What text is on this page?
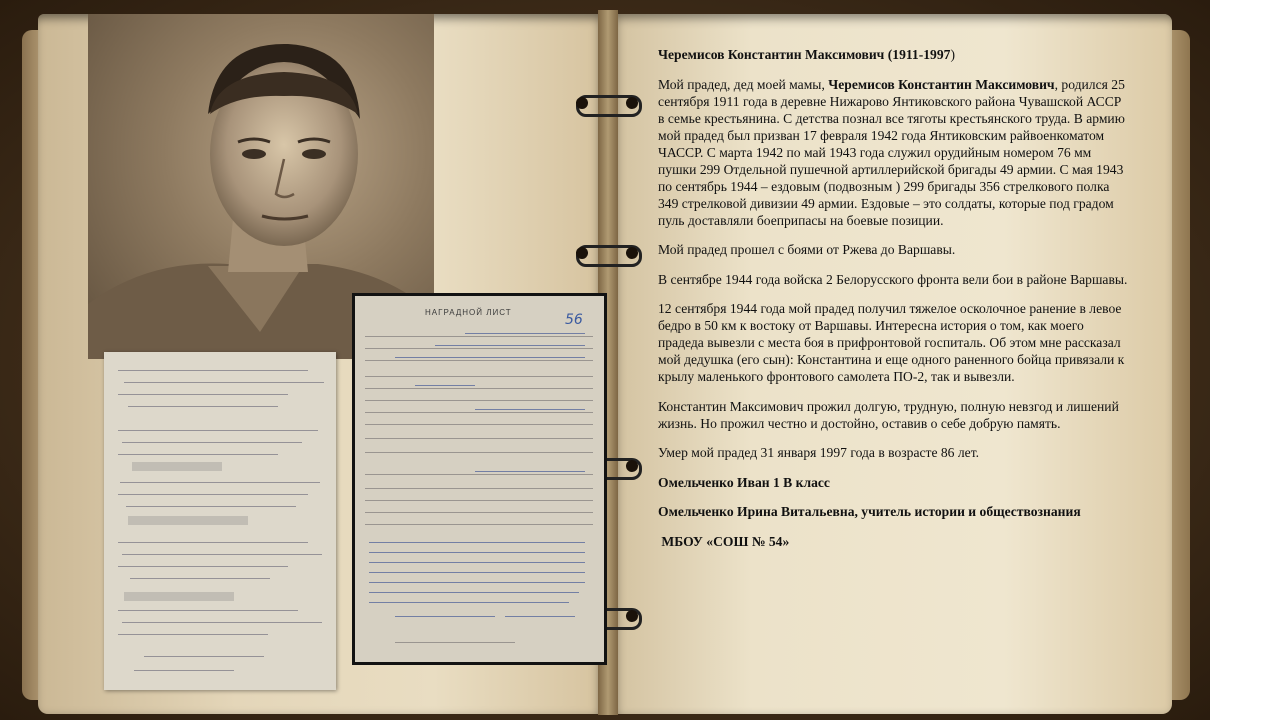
НАГРАДНОЙ ЛИСТ	56

Черемисов Константин Максимович (1911-1997)

Мой прадед, дед моей мамы, Черемисов Константин Максимович, родился 25 сентября 1911 года в деревне Нижарово Янтиковского района Чувашской АССР в семье крестьянина. С детства познал все тяготы крестьянского труда. В армию мой прадед был призван 17 февраля 1942 года Янтиковским райвоенкоматом ЧАССР. С марта 1942 по май 1943 года служил орудийным номером 76 мм пушки 299 Отдельной пушечной артиллерийской бригады 49 армии. С мая 1943 по сентябрь 1944 – ездовым (подвозным ) 299 бригады 356 стрелкового полка 349 стрелковой дивизии 49 армии. Ездовые – это солдаты, которые под градом пуль доставляли боеприпасы на боевые позиции.

Мой прадед прошел с боями от Ржева до Варшавы.

В сентябре 1944 года войска 2 Белорусского фронта вели бои в районе Варшавы.

12 сентября 1944 года мой прадед получил тяжелое осколочное ранение в левое бедро в 50 км к востоку от Варшавы. Интересна история о том, как моего прадеда вывезли с места боя в прифронтовой госпиталь. Об этом мне рассказал мой дедушка (его сын): Константина и еще одного раненного бойца привязали к крылу маленького фронтового самолета ПО-2, так и вывезли.

Константин Максимович прожил долгую, трудную, полную невзгод и лишений жизнь. Но прожил честно и достойно, оставив о себе добрую память.

Умер мой прадед 31 января 1997 года в возрасте 86 лет.

Омельченко Иван 1 В класс

Омельченко Ирина Витальевна, учитель истории и обществознания

МБОУ «СОШ № 54»
